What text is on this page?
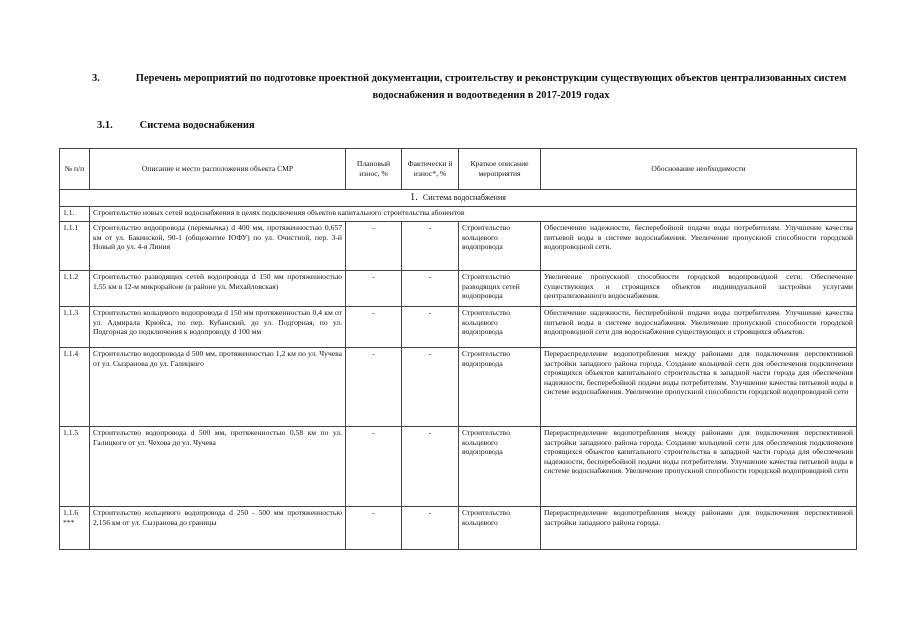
3.	Перечень мероприятий по подготовке проектной документации, строительству и реконструкции существующих объектов централизованных систем водоснабжения и водоотведения в 2017-2019 годах
3.1.	Система водоснабжения
№ п/п	Описание и место расположения объекта СМР	Плановый износ, %	Фактически й износ*, %	Краткое описание мероприятия	Обоснование необходимости
1. Система водоснабжения					
1.1.	Строительство новых сетей водоснабжения в целях подключения объектов капитального строительства абонентов				
1.1.1	Строительство водопровода (перемычка) d 400 мм, протяженностью 0,657 км от ул. Бакинской, 90-1 (общежитие ЮФУ) по ул. Очистной, пер. 3-й Новый до ул. 4-я Линия	-	-	Строительство кольцевого водопровода	Обеспечение надежности, бесперебойной подачи воды потребителям. Улучшение качества питьевой воды в системе водоснабжения. Увеличение пропускной способности городской водопроводной сети.
1.1.2	Строительство разводящих сетей водопровода d 150 мм протяженностью 1,55 км в 12-м микрорайоне (в районе ул. Михайловская)	-	-	Строительство разводящих сетей водопровода	Увеличение пропускной способности городской водопроводной сети. Обеспечение существующих и строящихся объектов индивидуальной застройки услугами централизованного водоснабжения.
1.1.3	Строительство кольцевого водопровода d 150 мм протяженностью 0,4 км от ул. Адмирала Крюйса, по пер. Кубанский, до ул. Подгорная, по ул. Подгорная до подключения к водопроводу d 100 мм	-	-	Строительство кольцевого водопровода	Обеспечение надежности, бесперебойной подачи воды потребителям. Улучшение качества питьевой воды в системе водоснабжения. Увеличение пропускной способности городской водопроводной сети для водоснабжения существующих и строящихся объектов.
1.1.4	Строительство водопровода d 500 мм, протяженностью 1,2 км по ул. Чучева от ул. Сызранова до ул. Галицкого	-	-	Строительство водопровода	Перераспределение водопотребления между районами для подключения перспективной застройки западного района города. Создание кольцевой сети для обеспечения подключения строящихся объектов капитального строительства в западной части города для обеспечения надежности, бесперебойной подачи воды потребителям. Улучшение качества питьевой воды в системе водоснабжения. Увеличение пропускной способности городской водопроводной сети
1.1.5	Строительство водопровода d 500 мм, протяженностью 0,58 км по ул. Галицкого от ул. Чехова до ул. Чучева	-	-	Строительство кольцевого водопровода	Перераспределение водопотребления между районами для подключения перспективной застройки западного района города. Создание кольцевой сети для обеспечения подключения строящихся объектов капитального строительства в западной части города для обеспечения надежности, бесперебойной подачи воды потребителям. Улучшение качества питьевой воды в системе водоснабжения. Увеличение пропускной способности городской водопроводной сети
1.1.6 ***	Строительство кольцевого водопровода d 250 - 500 мм протяженностью 2,156 км от ул. Сызранова до границы	-	-	Строительство кольцевого	Перераспределение водопотребления между районами для подключения перспективной застройки западного района города.
